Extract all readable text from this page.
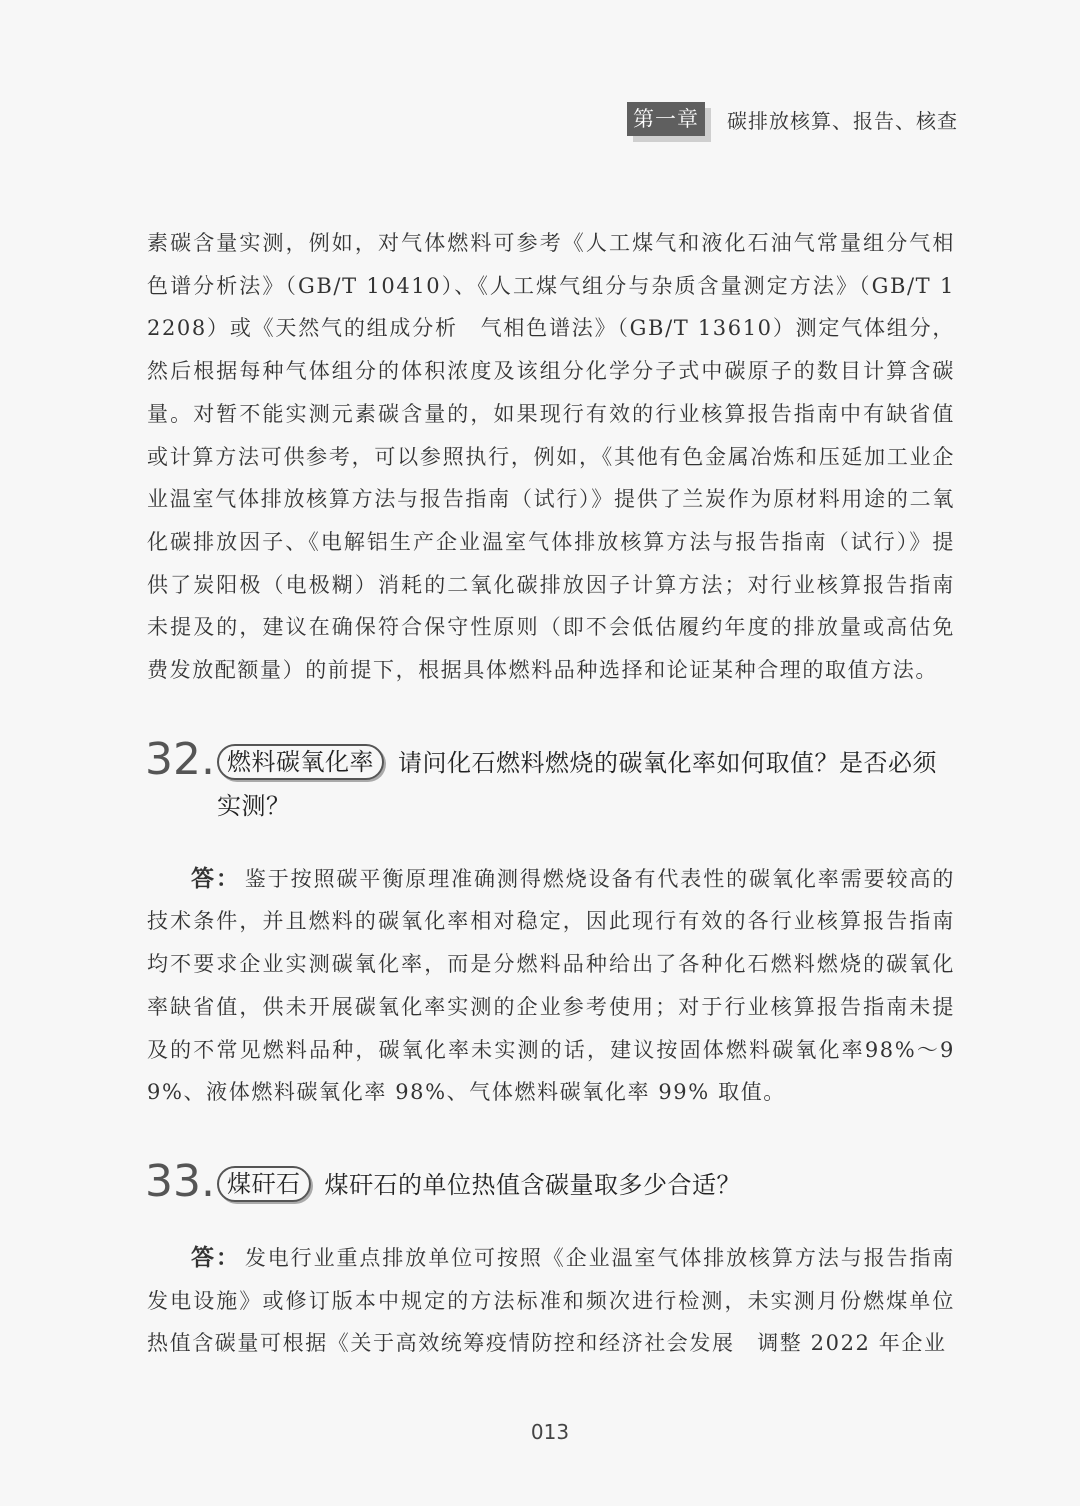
第一章	碳排放核算、报告、核查

素碳含量实测，例如，对气体燃料可参考《人工煤气和液化石油气常量组分气相色谱分析法》（GB/T 10410）、《人工煤气组分与杂质含量测定方法》（GB/T 12208）或《天然气的组成分析　气相色谱法》（GB/T 13610）测定气体组分，然后根据每种气体组分的体积浓度及该组分化学分子式中碳原子的数目计算含碳量。对暂不能实测元素碳含量的，如果现行有效的行业核算报告指南中有缺省值或计算方法可供参考，可以参照执行，例如，《其他有色金属冶炼和压延加工业企业温室气体排放核算方法与报告指南（试行）》提供了兰炭作为原材料用途的二氧化碳排放因子、《电解铝生产企业温室气体排放核算方法与报告指南（试行）》提供了炭阳极（电极糊）消耗的二氧化碳排放因子计算方法；对行业核算报告指南未提及的，建议在确保符合保守性原则（即不会低估履约年度的排放量或高估免费发放配额量）的前提下，根据具体燃料品种选择和论证某种合理的取值方法。

32. 燃料碳氧化率 请问化石燃料燃烧的碳氧化率如何取值？是否必须实测？

答： 鉴于按照碳平衡原理准确测得燃烧设备有代表性的碳氧化率需要较高的技术条件，并且燃料的碳氧化率相对稳定，因此现行有效的各行业核算报告指南均不要求企业实测碳氧化率，而是分燃料品种给出了各种化石燃料燃烧的碳氧化率缺省值，供未开展碳氧化率实测的企业参考使用；对于行业核算报告指南未提及的不常见燃料品种，碳氧化率未实测的话，建议按固体燃料碳氧化率98%～99%、液体燃料碳氧化率 98%、气体燃料碳氧化率 99% 取值。

33. 煤矸石 煤矸石的单位热值含碳量取多少合适？

答： 发电行业重点排放单位可按照《企业温室气体排放核算方法与报告指南　发电设施》或修订版本中规定的方法标准和频次进行检测，未实测月份燃煤单位热值含碳量可根据《关于高效统筹疫情防控和经济社会发展　调整 2022 年企业

013
